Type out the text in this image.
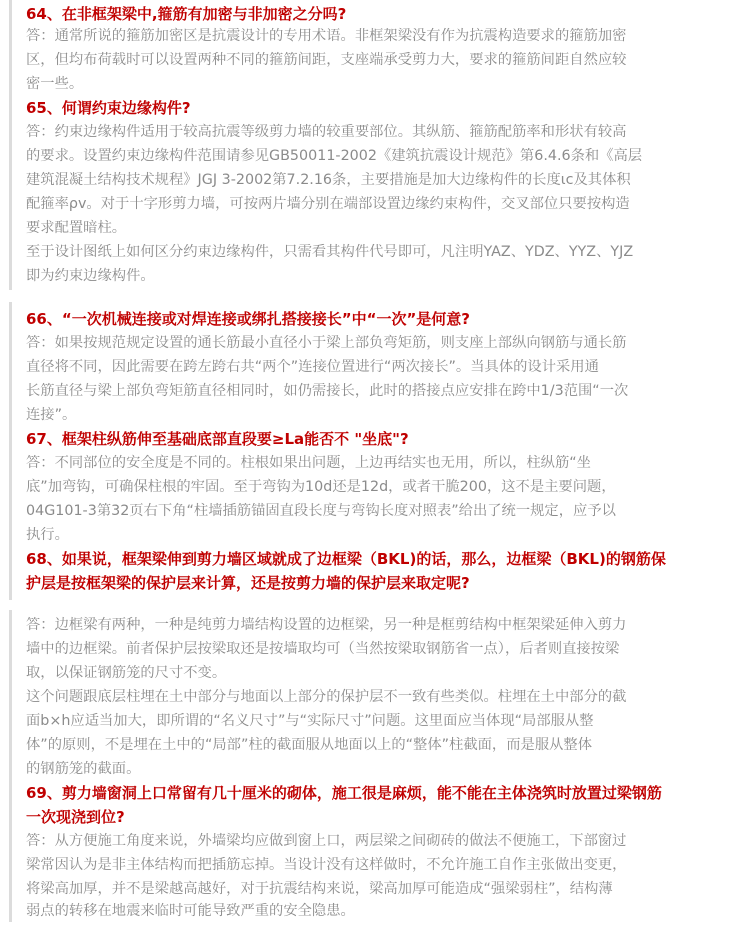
64、在非框架梁中,箍筋有加密与非加密之分吗?
答：通常所说的箍筋加密区是抗震设计的专用术语。非框架梁没有作为抗震构造要求的箍筋加密
区，但均布荷载时可以设置两种不同的箍筋间距，支座端承受剪力大，要求的箍筋间距自然应较
密一些。
65、何谓约束边缘构件?
答：约束边缘构件适用于较高抗震等级剪力墙的较重要部位。其纵筋、箍筋配筋率和形状有较高
的要求。设置约束边缘构件范围请参见GB50011-2002《建筑抗震设计规范》第6.4.6条和《高层
建筑混凝土结构技术规程》JGJ 3-2002第7.2.16条，主要措施是加大边缘构件的长度ιc及其体积
配箍率ρv。对于十字形剪力墙，可按两片墙分别在端部设置边缘约束构件，交叉部位只要按构造
要求配置暗柱。
至于设计图纸上如何区分约束边缘构件，只需看其构件代号即可，凡注明YAZ、YDZ、YYZ、YJZ
即为约束边缘构件。
66、“一次机械连接或对焊连接或绑扎搭接接长”中“一次”是何意?
答：如果按规范规定设置的通长筋最小直径小于梁上部负弯矩筋，则支座上部纵向钢筋与通长筋
直径将不同，因此需要在跨左跨右共“两个”连接位置进行“两次接长”。当具体的设计采用通
长筋直径与梁上部负弯矩筋直径相同时，如仍需接长，此时的搭接点应安排在跨中1/3范围“一次
连接”。
67、框架柱纵筋伸至基础底部直段要≥La能否不 "坐底"?
答：不同部位的安全度是不同的。柱根如果出问题，上边再结实也无用，所以，柱纵筋“坐
底”加弯钩，可确保柱根的牢固。至于弯钩为10d还是12d，或者干脆200，这不是主要问题，
04G101-3第32页右下角“柱墙插筋锚固直段长度与弯钩长度对照表”给出了统一规定，应予以
执行。
68、如果说，框架梁伸到剪力墙区域就成了边框梁（BKL)的话，那么，边框梁（BKL)的钢筋保
护层是按框架梁的保护层来计算，还是按剪力墙的保护层来取定呢?
答：边框梁有两种，一种是纯剪力墙结构设置的边框梁，另一种是框剪结构中框架梁延伸入剪力
墙中的边框梁。前者保护层按梁取还是按墙取均可（当然按梁取钢筋省一点），后者则直接按梁
取，以保证钢筋笼的尺寸不变。
这个问题跟底层柱埋在土中部分与地面以上部分的保护层不一致有些类似。柱埋在土中部分的截
面b×h应适当加大，即所谓的“名义尺寸”与“实际尺寸”问题。这里面应当体现“局部服从整
体”的原则，不是埋在土中的“局部”柱的截面服从地面以上的“整体”柱截面，而是服从整体
的钢筋笼的截面。
69、剪力墙窗洞上口常留有几十厘米的砌体，施工很是麻烦，能不能在主体浇筑时放置过梁钢筋
一次现浇到位?
答：从方便施工角度来说，外墙梁均应做到窗上口，两层梁之间砌砖的做法不便施工，下部窗过
梁常因认为是非主体结构而把插筋忘掉。当设计没有这样做时，不允许施工自作主张做出变更，
将梁高加厚，并不是梁越高越好，对于抗震结构来说，梁高加厚可能造成“强梁弱柱”，结构薄
弱点的转移在地震来临时可能导致严重的安全隐患。
